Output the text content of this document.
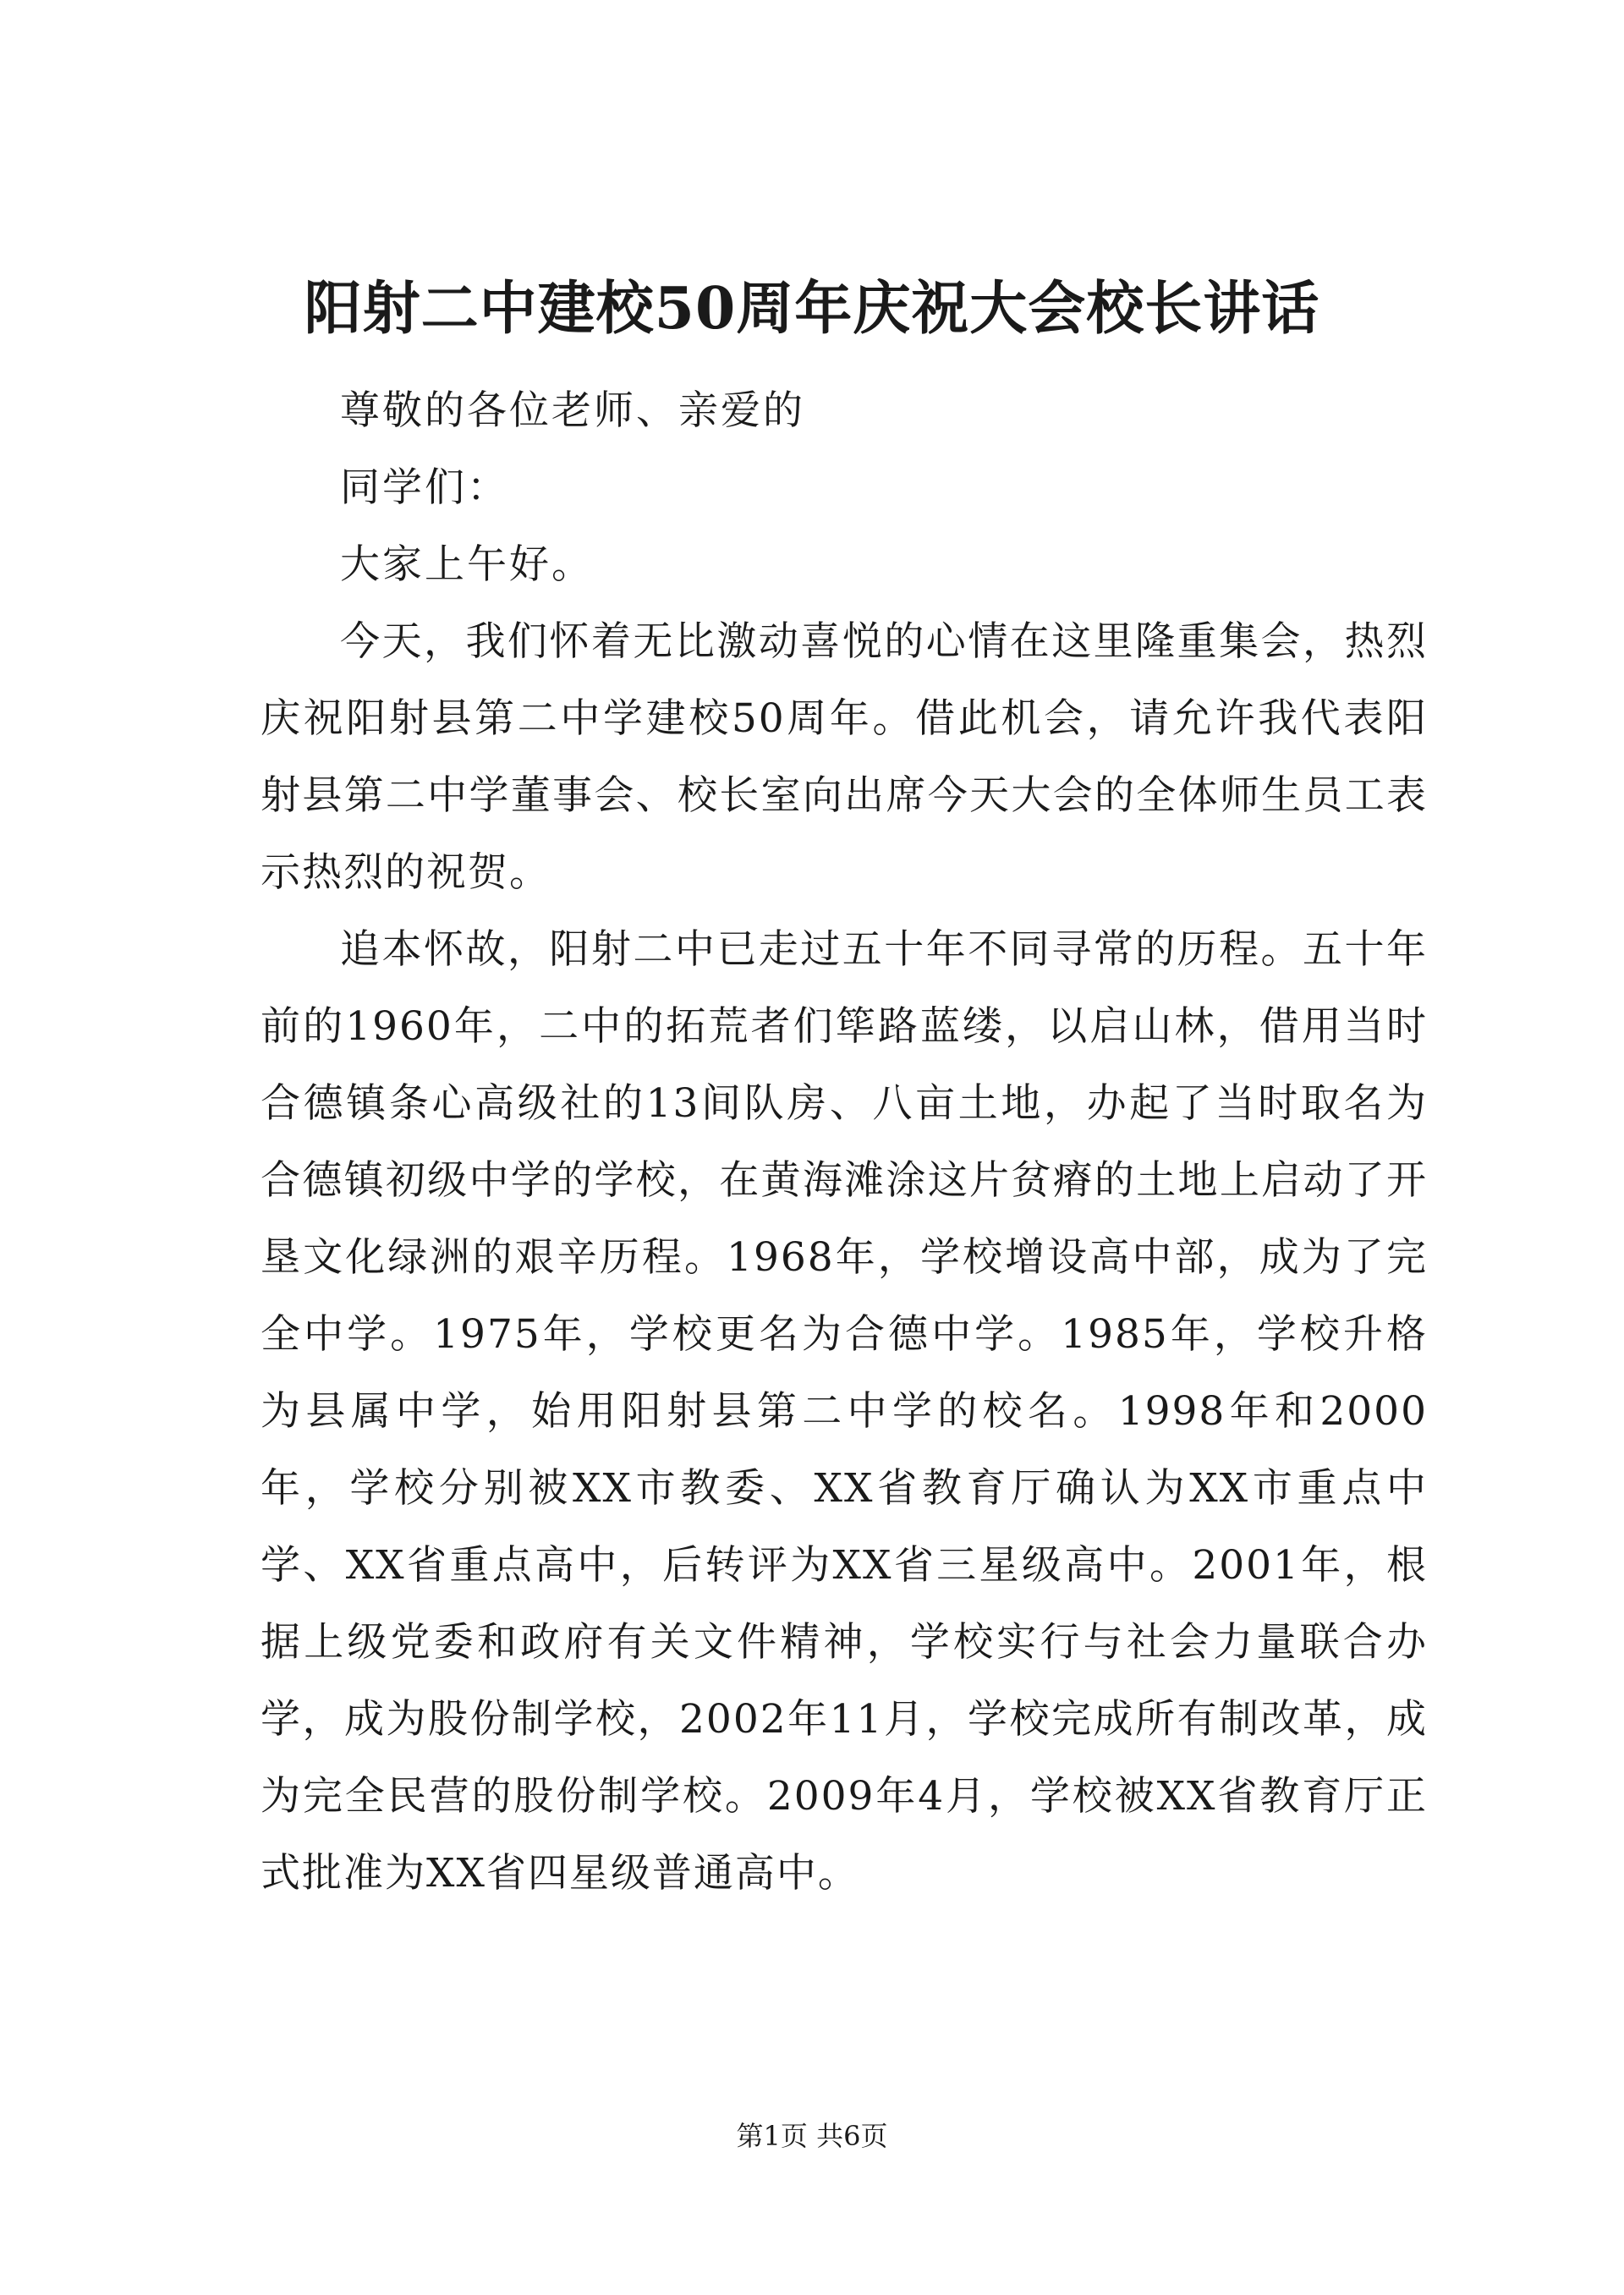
阳射二中建校50周年庆祝大会校长讲话

尊敬的各位老师、亲爱的

同学们：

大家上午好。

今天，我们怀着无比激动喜悦的心情在这里隆重集会，热烈庆祝阳射县第二中学建校50周年。借此机会，请允许我代表阳射县第二中学董事会、校长室向出席今天大会的全体师生员工表示热烈的祝贺。

追本怀故，阳射二中已走过五十年不同寻常的历程。五十年前的1960年，二中的拓荒者们筚路蓝缕，以启山林，借用当时合德镇条心高级社的13间队房、八亩土地，办起了当时取名为合德镇初级中学的学校，在黄海滩涂这片贫瘠的土地上启动了开垦文化绿洲的艰辛历程。1968年，学校增设高中部，成为了完全中学。1975年，学校更名为合德中学。1985年，学校升格为县属中学，始用阳射县第二中学的校名。1998年和2000年，学校分别被XX市教委、XX省教育厅确认为XX市重点中学、XX省重点高中，后转评为XX省三星级高中。2001年，根据上级党委和政府有关文件精神，学校实行与社会力量联合办学，成为股份制学校，2002年11月，学校完成所有制改革，成为完全民营的股份制学校。2009年4月，学校被XX省教育厅正式批准为XX省四星级普通高中。

第1页 共6页
